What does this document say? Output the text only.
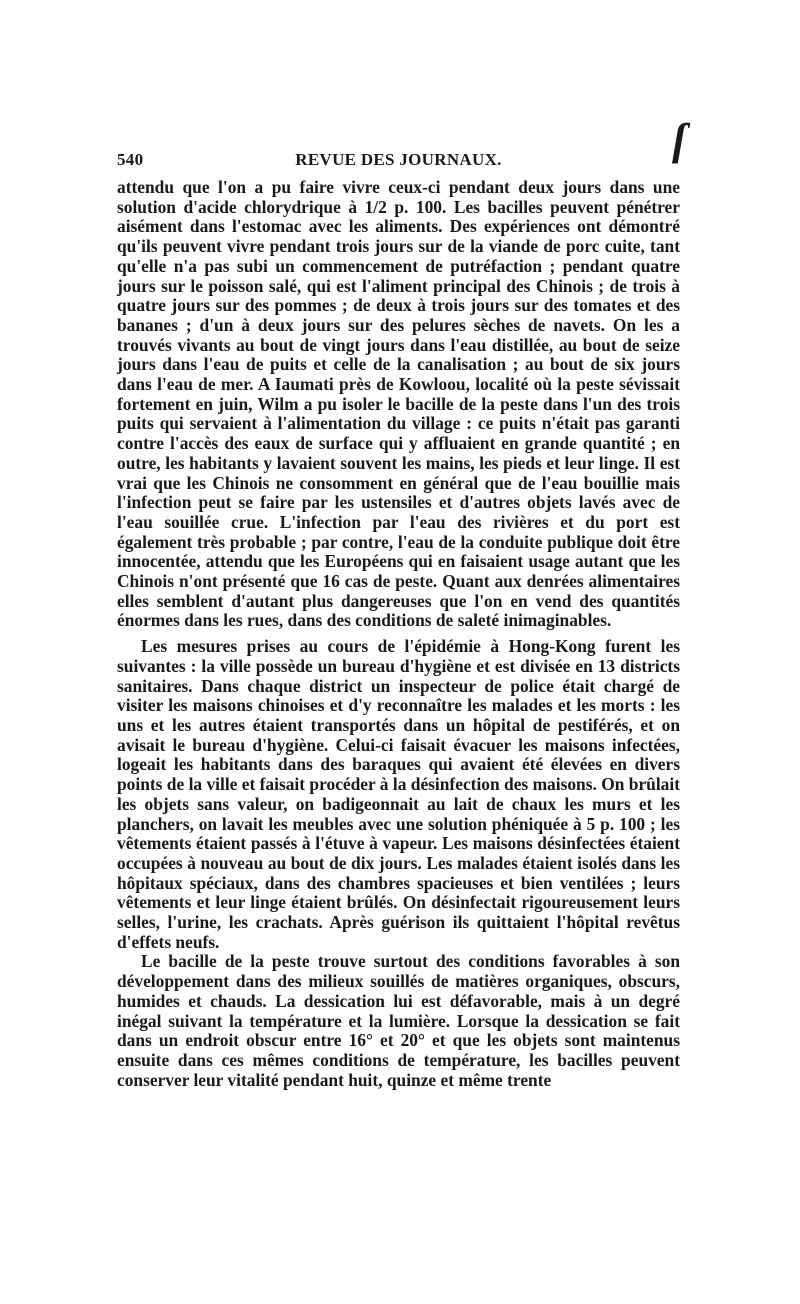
540	REVUE DES JOURNAUX.	ſ

attendu que l'on a pu faire vivre ceux-ci pendant deux jours dans une solution d'acide chlorydrique à 1/2 p. 100. Les bacilles peuvent pénétrer aisément dans l'estomac avec les aliments. Des expériences ont démontré qu'ils peuvent vivre pendant trois jours sur de la viande de porc cuite, tant qu'elle n'a pas subi un commencement de putréfaction ; pendant quatre jours sur le poisson salé, qui est l'aliment principal des Chinois ; de trois à quatre jours sur des pommes ; de deux à trois jours sur des tomates et des bananes ; d'un à deux jours sur des pelures sèches de navets. On les a trouvés vivants au bout de vingt jours dans l'eau distillée, au bout de seize jours dans l'eau de puits et celle de la canalisation ; au bout de six jours dans l'eau de mer. A Iaumati près de Kowloou, localité où la peste sévissait fortement en juin, Wilm a pu isoler le bacille de la peste dans l'un des trois puits qui servaient à l'alimentation du village : ce puits n'était pas garanti contre l'accès des eaux de surface qui y affluaient en grande quantité ; en outre, les habitants y lavaient souvent les mains, les pieds et leur linge. Il est vrai que les Chinois ne consomment en général que de l'eau bouillie mais l'infection peut se faire par les ustensiles et d'autres objets lavés avec de l'eau souillée crue. L'infection par l'eau des rivières et du port est également très probable ; par contre, l'eau de la conduite publique doit être innocentée, attendu que les Européens qui en faisaient usage autant que les Chinois n'ont présenté que 16 cas de peste. Quant aux denrées alimentaires elles semblent d'autant plus dangereuses que l'on en vend des quantités énormes dans les rues, dans des conditions de saleté inimaginables.

Les mesures prises au cours de l'épidémie à Hong-Kong furent les suivantes : la ville possède un bureau d'hygiène et est divisée en 13 districts sanitaires. Dans chaque district un inspecteur de police était chargé de visiter les maisons chinoises et d'y reconnaître les malades et les morts : les uns et les autres étaient transportés dans un hôpital de pestiférés, et on avisait le bureau d'hygiène. Celui-ci faisait évacuer les maisons infectées, logeait les habitants dans des baraques qui avaient été élevées en divers points de la ville et faisait procéder à la désinfection des maisons. On brûlait les objets sans valeur, on badigeonnait au lait de chaux les murs et les planchers, on lavait les meubles avec une solution phéniquée à 5 p. 100 ; les vêtements étaient passés à l'étuve à vapeur. Les maisons désinfectées étaient occupées à nouveau au bout de dix jours. Les malades étaient isolés dans les hôpitaux spéciaux, dans des chambres spacieuses et bien ventilées ; leurs vêtements et leur linge étaient brûlés. On désinfectait rigoureusement leurs selles, l'urine, les crachats. Après guérison ils quittaient l'hôpital revêtus d'effets neufs.

Le bacille de la peste trouve surtout des conditions favorables à son développement dans des milieux souillés de matières organiques, obscurs, humides et chauds. La dessication lui est défavorable, mais à un degré inégal suivant la température et la lumière. Lorsque la dessication se fait dans un endroit obscur entre 16° et 20° et que les objets sont maintenus ensuite dans ces mêmes conditions de température, les bacilles peuvent conserver leur vitalité pendant huit, quinze et même trente
